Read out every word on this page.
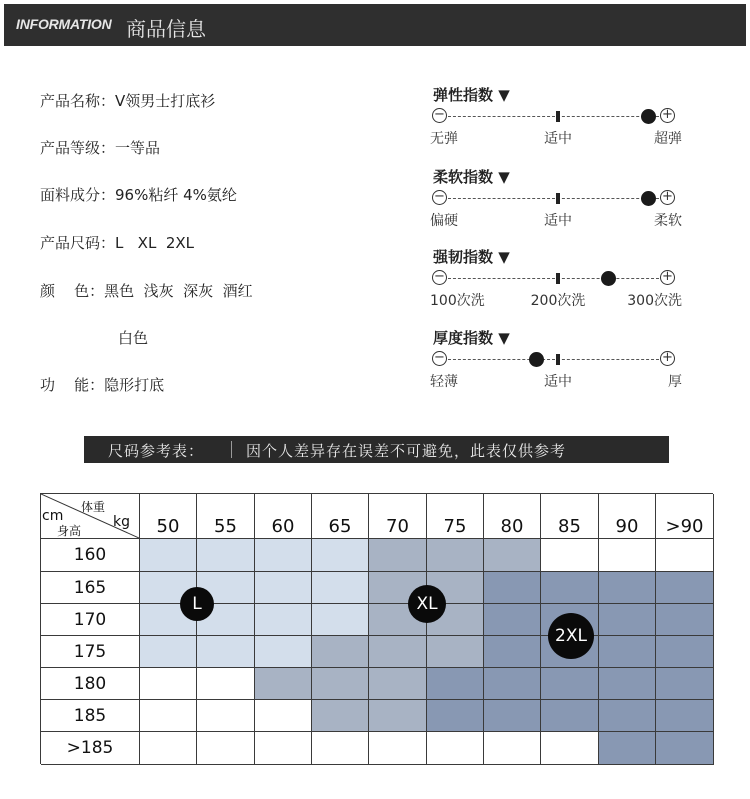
INFORMATION 商品信息
产品名称：V领男士打底衫
产品等级：一等品
面料成分：96%粘纤 4%氨纶
产品尺码：L   XL  2XL
颜    色：黑色  浅灰  深灰  酒红
白色
功    能：隐形打底
弹性指数 ▼
−	+
无弹	适中	超弹
柔软指数 ▼
−	+
偏硬	适中	柔软
强韧指数 ▼
−	+
100次洗	200次洗	300次洗
厚度指数 ▼
−	+
轻薄	适中	厚
尺码参考表：	因个人差异存在误差不可避免，此表仅供参考
体重
kg
cm
身高	50	55	60	65	70	75	80	85	90	>90
160
165
170
175
180
185
>185
L	XL
2XL
